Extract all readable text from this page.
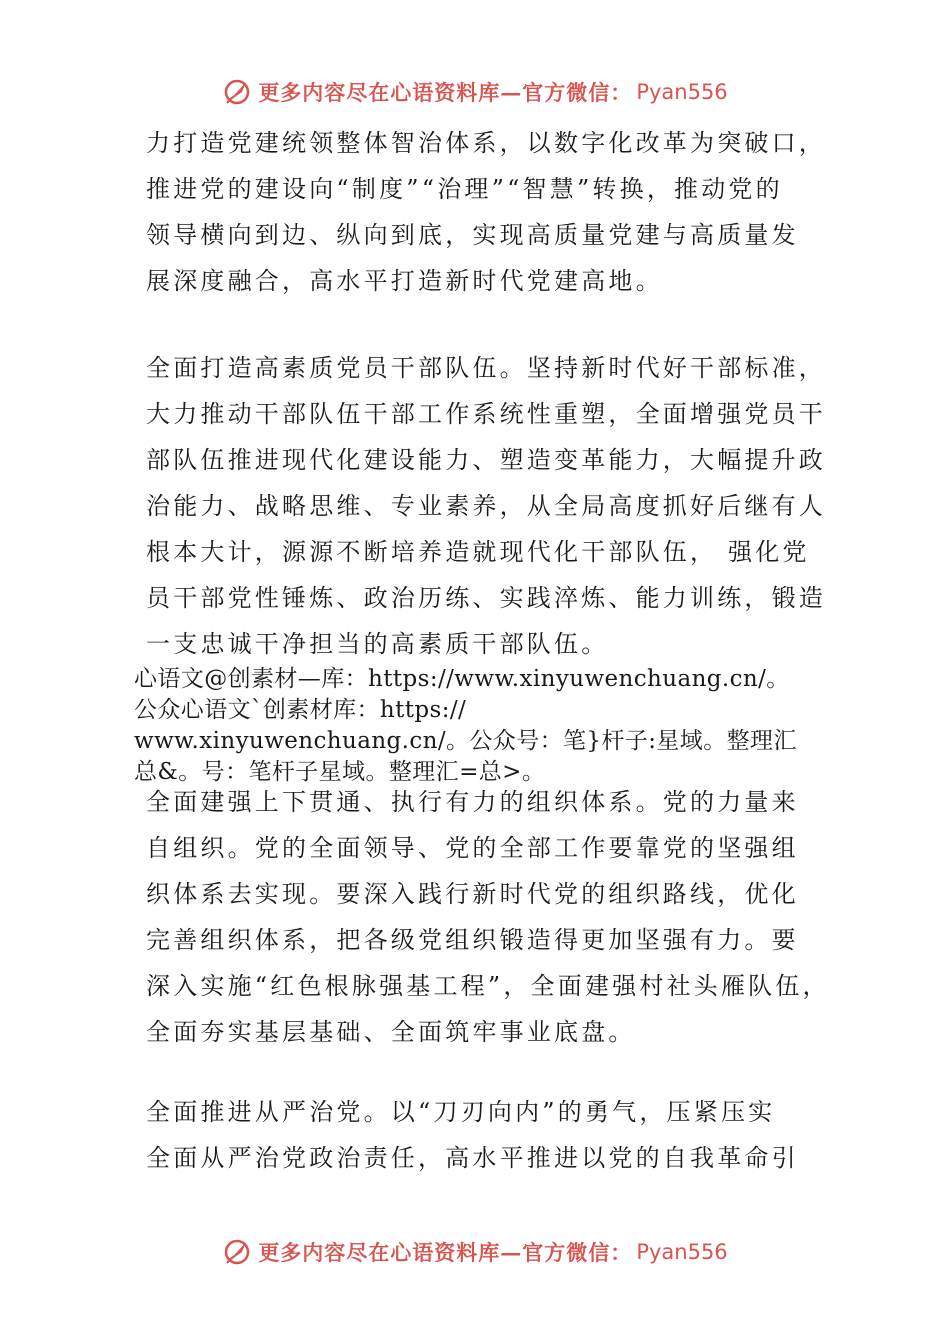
更多内容尽在心语资料库—官方微信： Pyan556
力打造党建统领整体智治体系，以数字化改革为突破口，
推进党的建设向“制度”“治理”“智慧”转换，推动党的
领导横向到边、纵向到底，实现高质量党建与高质量发
展深度融合，高水平打造新时代党建高地。
全面打造高素质党员干部队伍。坚持新时代好干部标准，
大力推动干部队伍干部工作系统性重塑，全面增强党员干
部队伍推进现代化建设能力、塑造变革能力，大幅提升政
治能力、战略思维、专业素养，从全局高度抓好后继有人
根本大计，源源不断培养造就现代化干部队伍， 强化党
员干部党性锤炼、政治历练、实践淬炼、能力训练，锻造
一支忠诚干净担当的高素质干部队伍。
心语文@创素材—库：https://www.xinyuwenchuang.cn/。
公众心语文`创素材库：https://
www.xinyuwenchuang.cn/。公众号：笔}杆子:星域。整理汇
总&。号：笔杆子星域。整理汇=总>。
全面建强上下贯通、执行有力的组织体系。党的力量来
自组织。党的全面领导、党的全部工作要靠党的坚强组
织体系去实现。要深入践行新时代党的组织路线，优化
完善组织体系，把各级党组织锻造得更加坚强有力。要
深入实施“红色根脉强基工程”，全面建强村社头雁队伍，
全面夯实基层基础、全面筑牢事业底盘。
全面推进从严治党。以“刀刃向内”的勇气，压紧压实
全面从严治党政治责任，高水平推进以党的自我革命引
更多内容尽在心语资料库—官方微信： Pyan556
